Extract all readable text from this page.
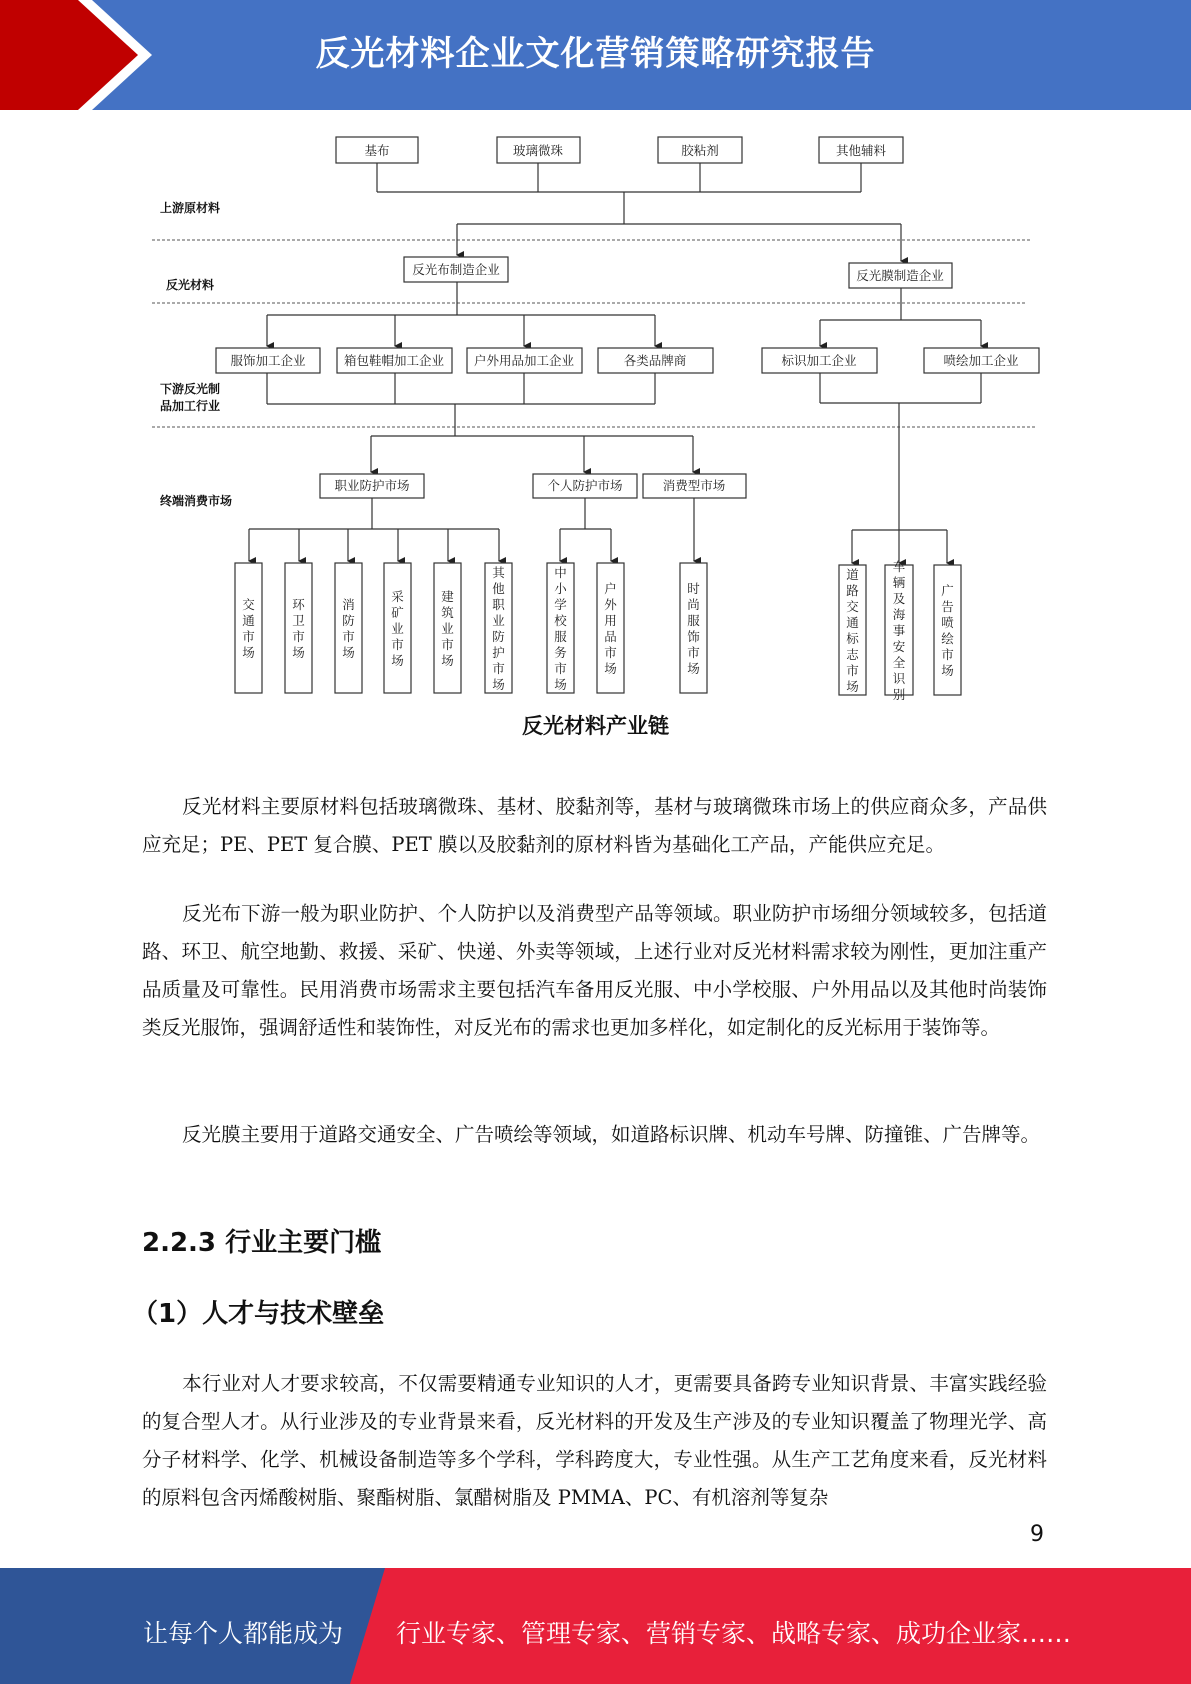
反光材料企业文化营销策略研究报告
上游原材料
反光材料
下游反光制
品加工行业
终端消费市场
基布	玻璃微珠	胶粘剂	其他辅料
反光布制造企业	反光膜制造企业
服饰加工企业	箱包鞋帽加工企业 户外用品加工企业	各类品牌商	标识加工企业	喷绘加工企业
职业防护市场	个人防护市场	消费型市场
交通市场
环卫市场
消防市场
采矿业市场
建筑业市场
其他职业防护市场
中小学校服务市场
户外用品市场
时尚服饰市场
道路交通标志市场
车辆及海事安全识别
广告喷绘市场
反光材料产业链
反光材料主要原材料包括玻璃微珠、基材、胶黏剂等，基材与玻璃微珠市场上的供应商众多，产品供应充足；PE、PET 复合膜、PET 膜以及胶黏剂的原材料皆为基础化工产品，产能供应充足。
反光布下游一般为职业防护、个人防护以及消费型产品等领域。职业防护市场细分领域较多，包括道路、环卫、航空地勤、救援、采矿、快递、外卖等领域，上述行业对反光材料需求较为刚性，更加注重产品质量及可靠性。民用消费市场需求主要包括汽车备用反光服、中小学校服、户外用品以及其他时尚装饰类反光服饰，强调舒适性和装饰性，对反光布的需求也更加多样化，如定制化的反光标用于装饰等。
反光膜主要用于道路交通安全、广告喷绘等领域，如道路标识牌、机动车号牌、防撞锥、广告牌等。
2.2.3 行业主要门槛
（1）人才与技术壁垒
本行业对人才要求较高，不仅需要精通专业知识的人才，更需要具备跨专业知识背景、丰富实践经验的复合型人才。从行业涉及的专业背景来看，反光材料的开发及生产涉及的专业知识覆盖了物理光学、高分子材料学、化学、机械设备制造等多个学科，学科跨度大，专业性强。从生产工艺角度来看，反光材料的原料包含丙烯酸树脂、聚酯树脂、氯醋树脂及 PMMA、PC、有机溶剂等复杂
9
让每个人都能成为 行业专家、管理专家、营销专家、战略专家、成功企业家……
